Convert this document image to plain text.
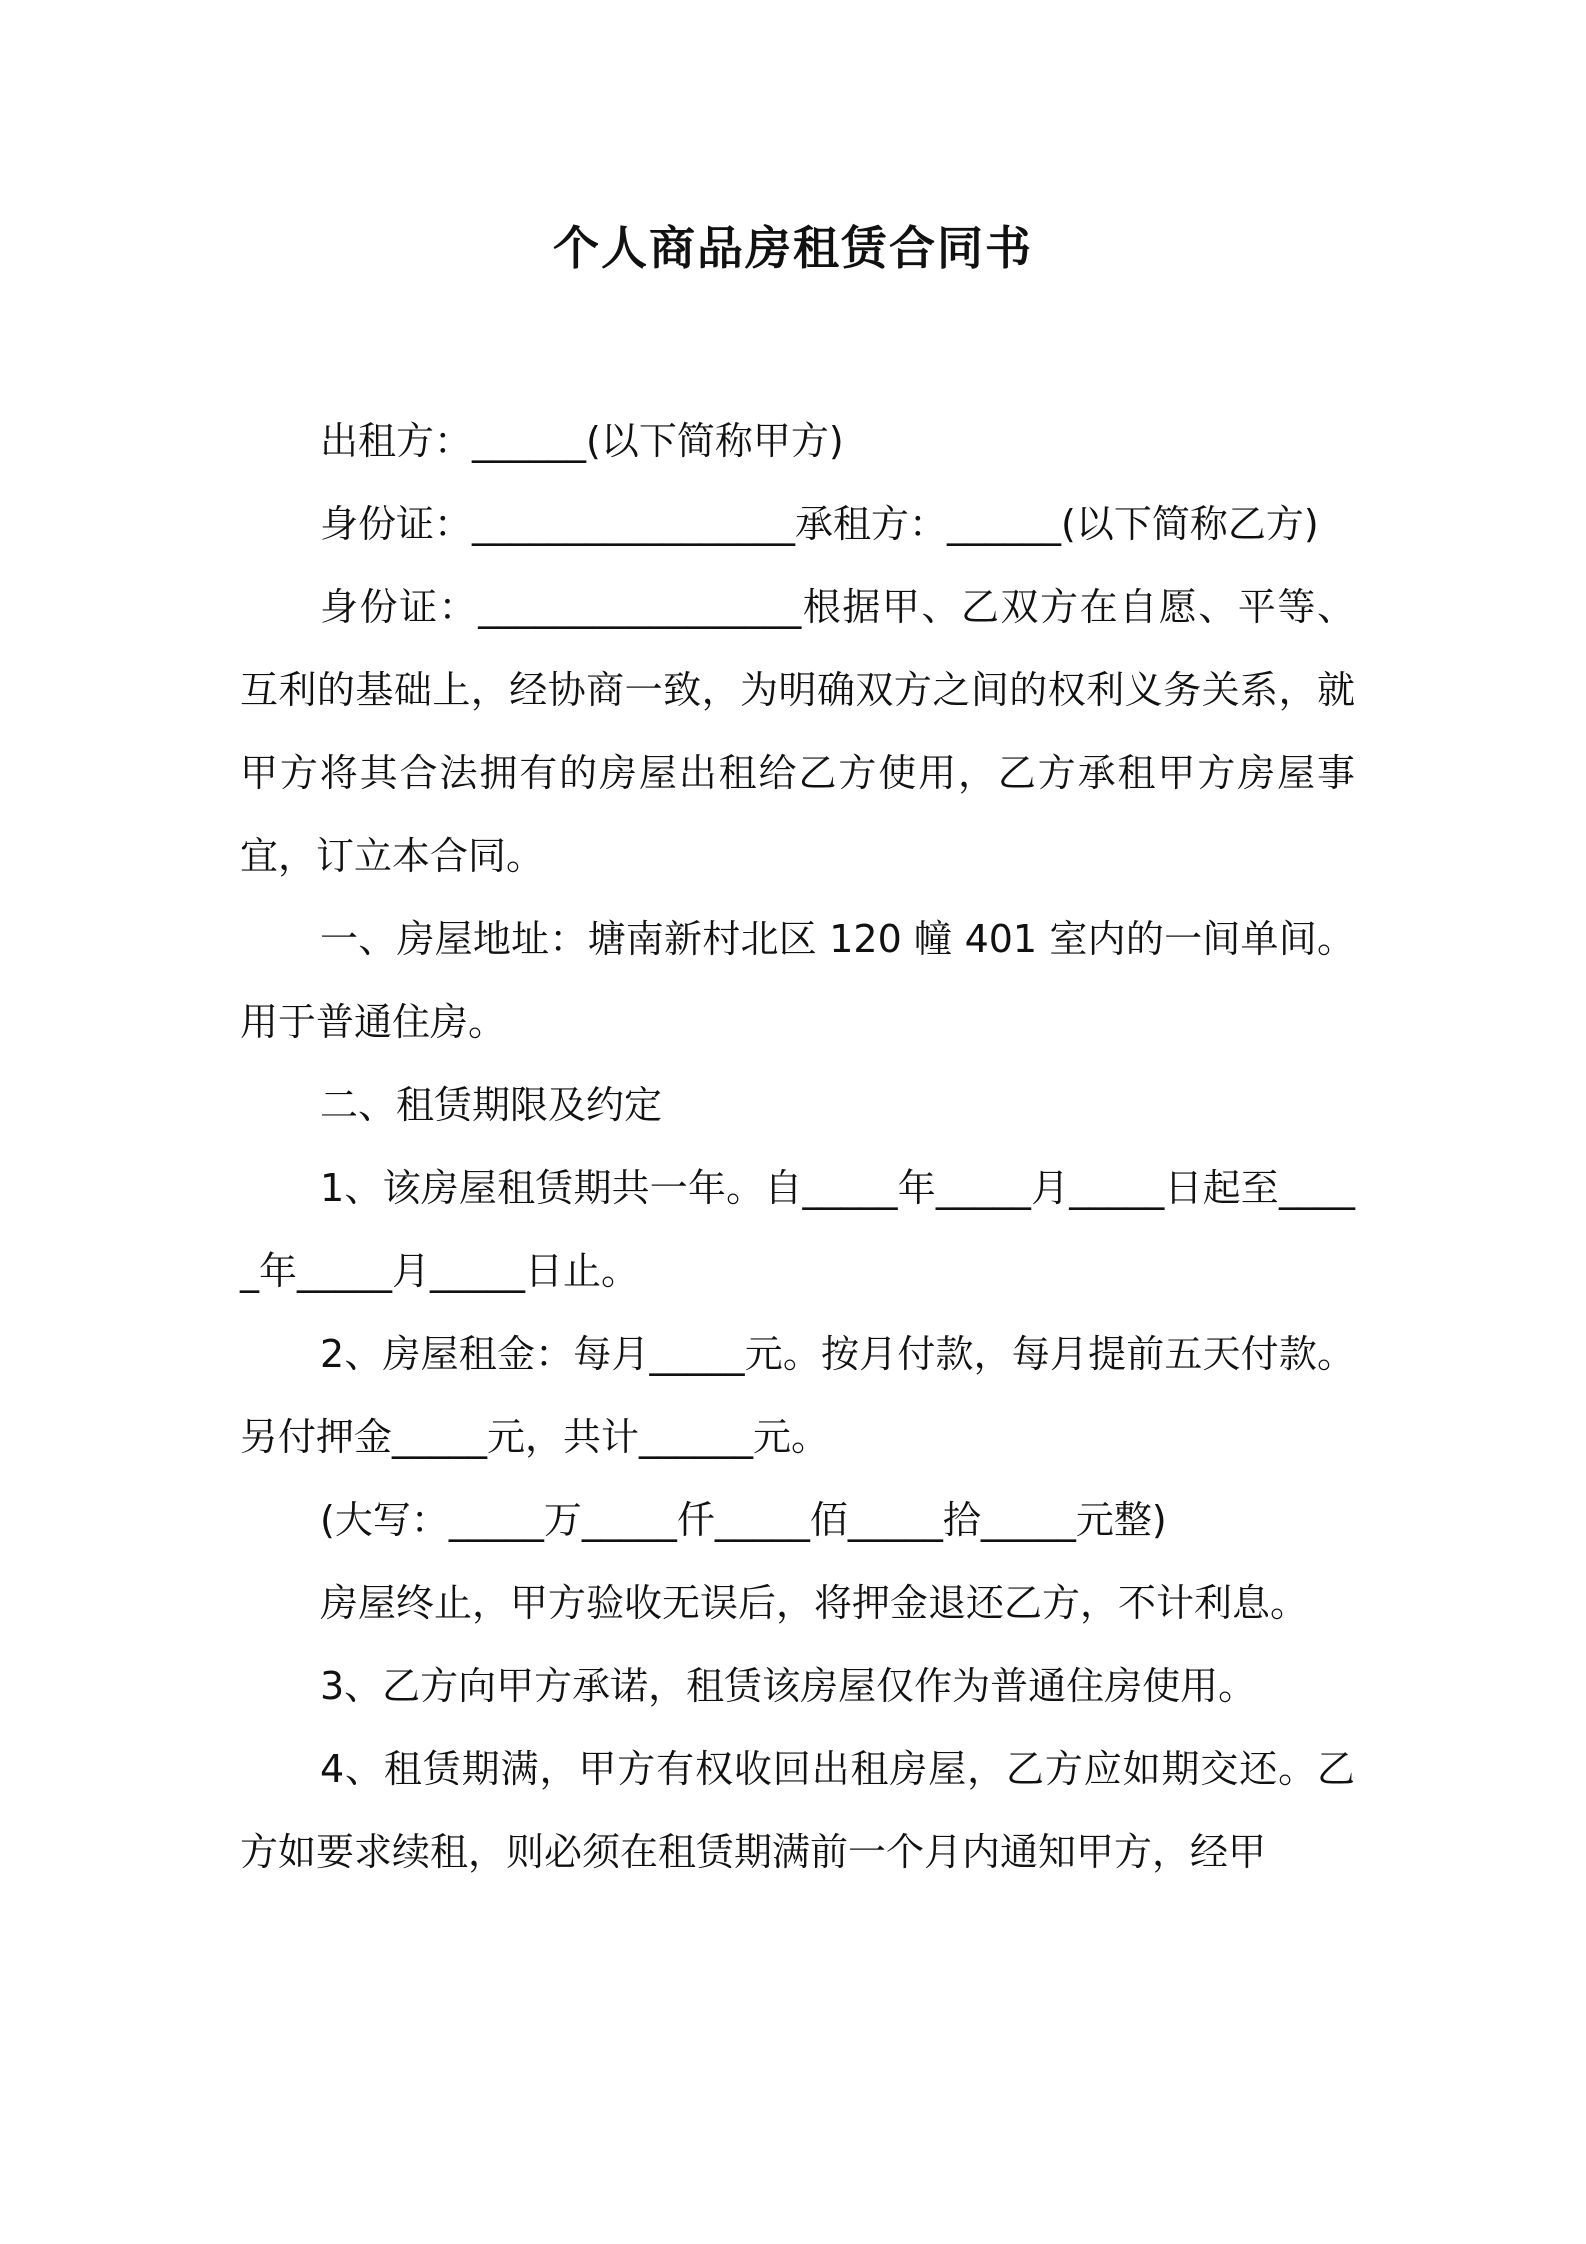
个人商品房租赁合同书

出租方：______(以下简称甲方)

身份证：_________________承租方：______(以下简称乙方)

身份证：_________________根据甲、乙双方在自愿、平等、互利的基础上，经协商一致，为明确双方之间的权利义务关系，就甲方将其合法拥有的房屋出租给乙方使用，乙方承租甲方房屋事宜，订立本合同。

一、房屋地址：塘南新村北区 120 幢 401 室内的一间单间。用于普通住房。

二、租赁期限及约定

1、该房屋租赁期共一年。自_____年_____月_____日起至_____年_____月_____日止。

2、房屋租金：每月_____元。按月付款，每月提前五天付款。另付押金_____元，共计______元。

(大写：_____万_____仟_____佰_____拾_____元整)

房屋终止，甲方验收无误后，将押金退还乙方，不计利息。

3、乙方向甲方承诺，租赁该房屋仅作为普通住房使用。

4、租赁期满，甲方有权收回出租房屋，乙方应如期交还。乙方如要求续租，则必须在租赁期满前一个月内通知甲方，经甲
